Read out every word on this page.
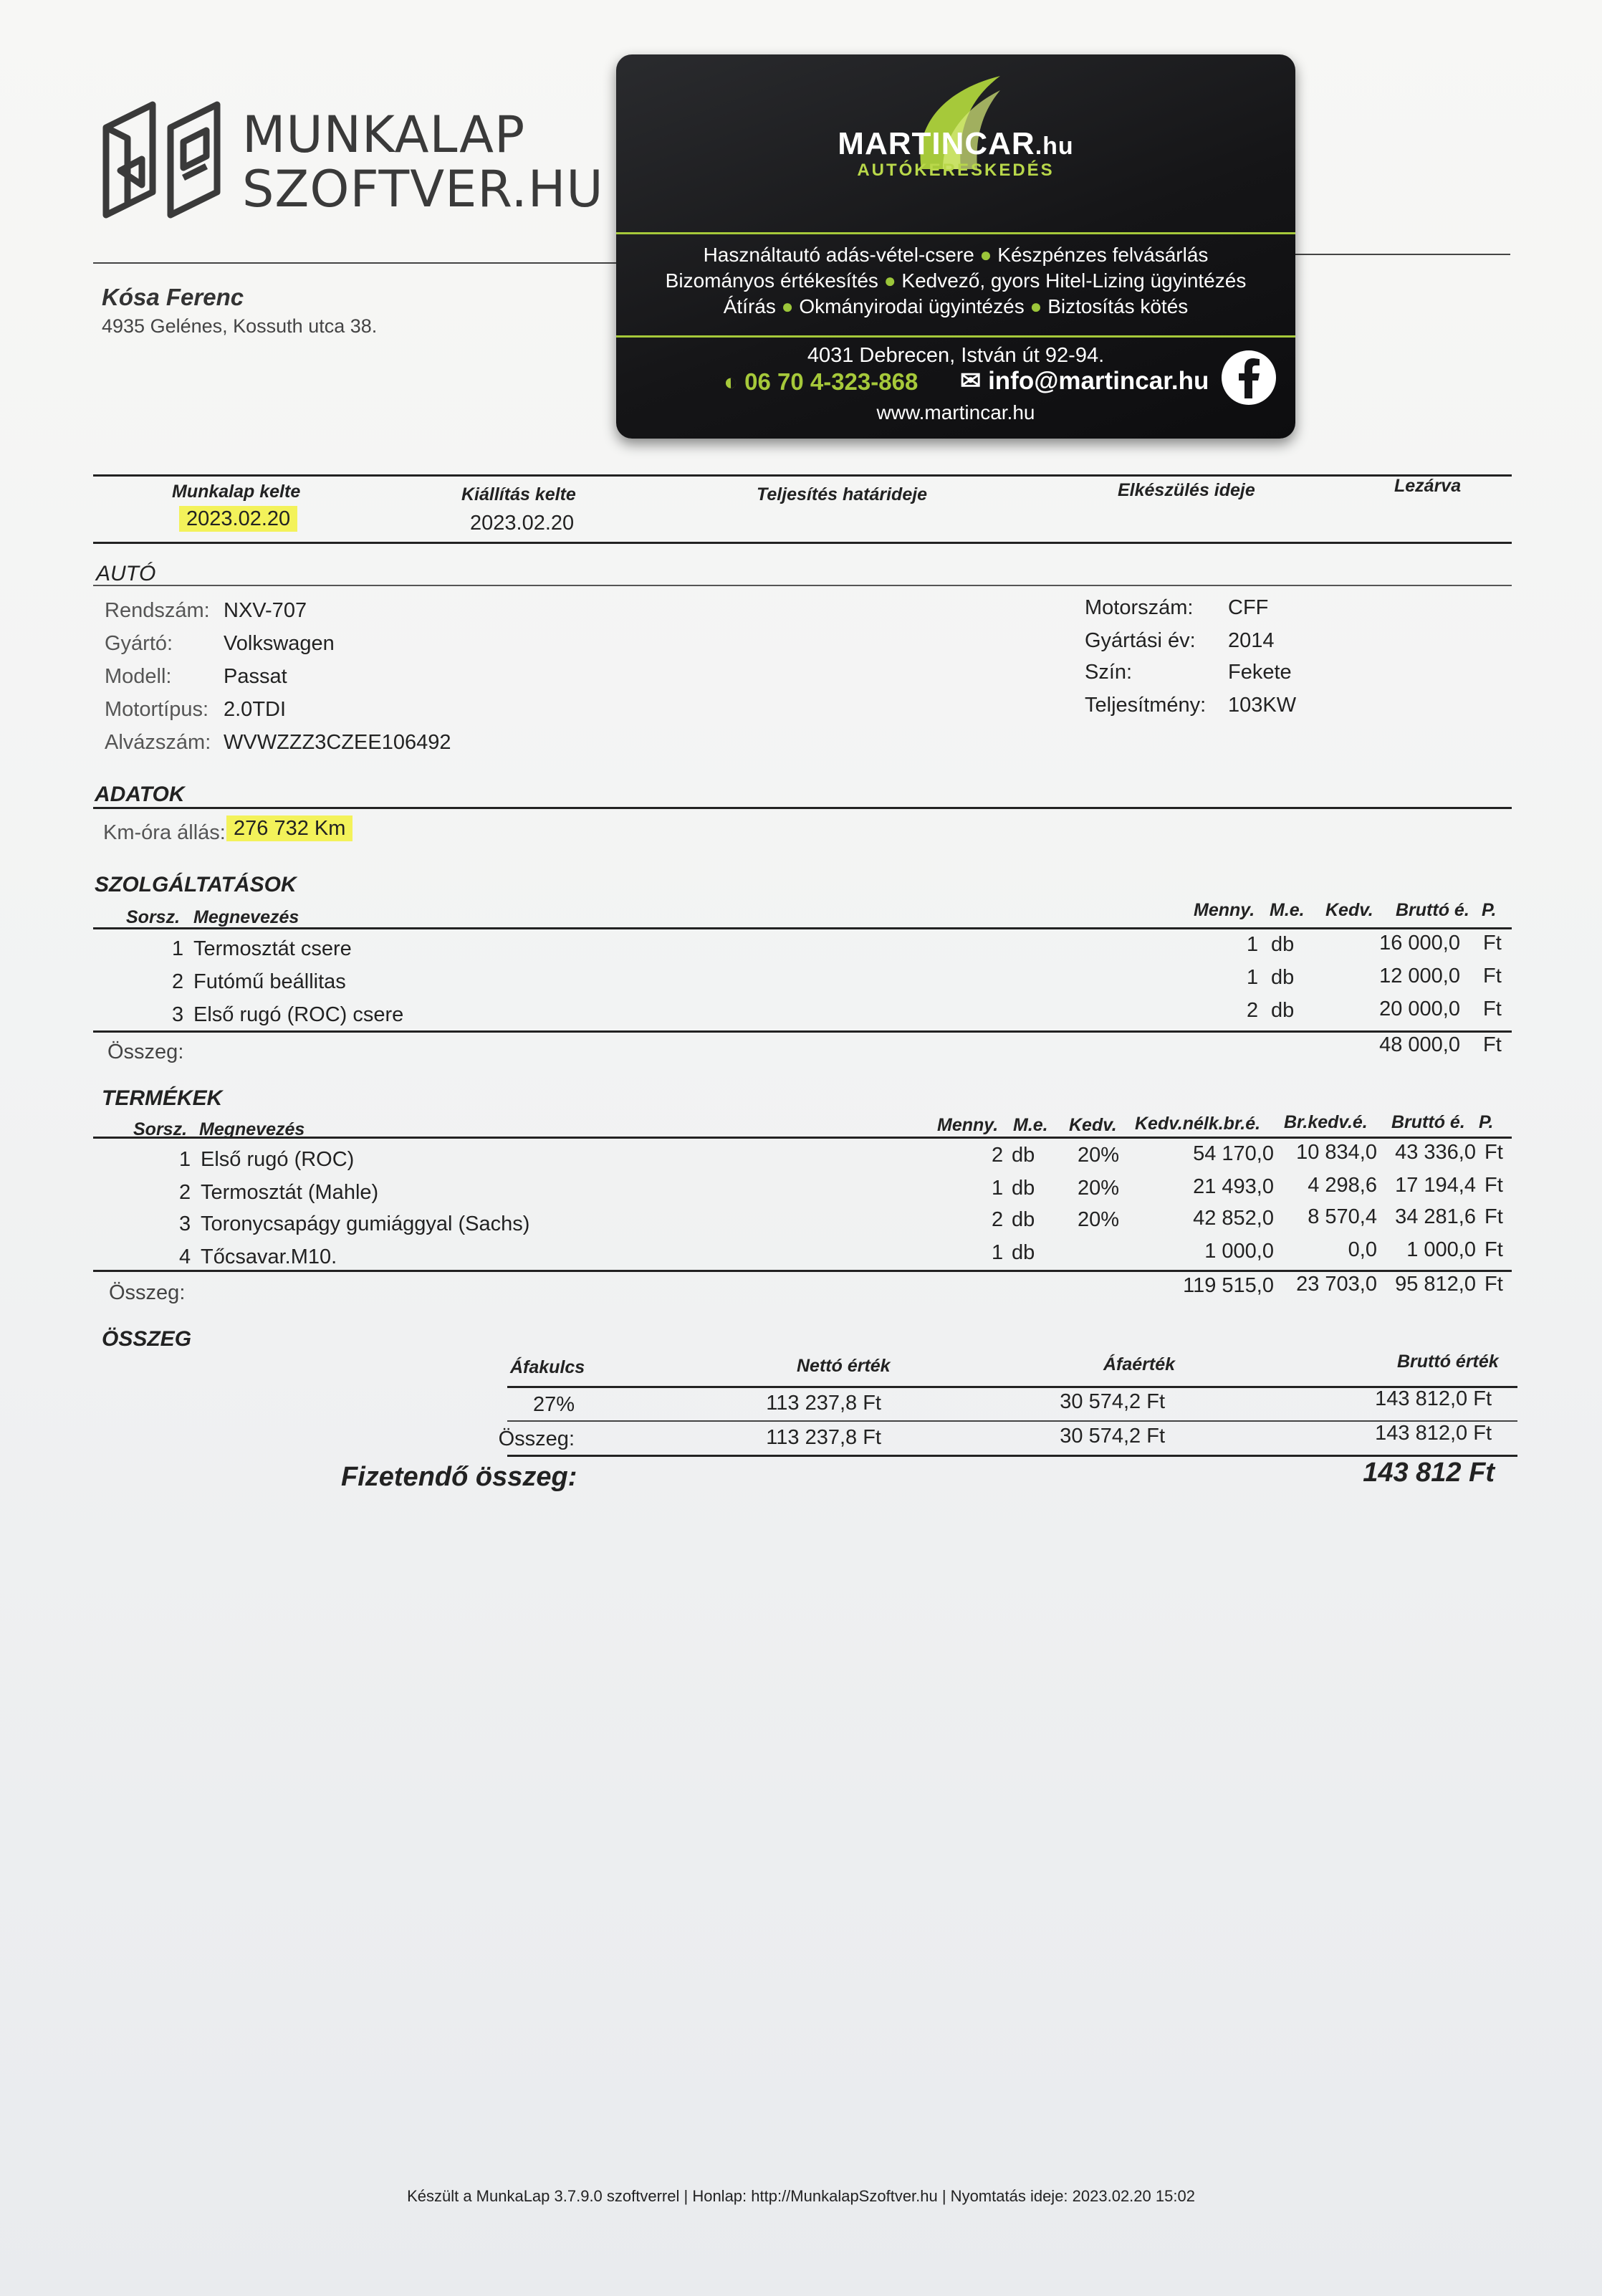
MUNKALAP
SZOFTVER.HU
Kósa Ferenc
4935 Gelénes, Kossuth utca 38.
MARTINCAR.hu
AUTÓKERESKEDÉS
Használtautó adás-vétel-csere ● Készpénzes felvásárlás
Bizományos értékesítés ● Kedvező, gyors Hitel-Lizing ügyintézés
Átírás ● Okmányirodai ügyintézés ● Biztosítás kötés
4031 Debrecen, István út 92-94.
◐ 06 70 4-323-868 ✉ info@martincar.hu
www.martincar.hu
Munkalap kelte	Kiállítás kelte	Teljesítés határideje	Elkészülés ideje	Lezárva
2023.02.20	2023.02.20
AUTÓ
Rendszám: NXV-707
Gyártó: Volkswagen
Modell:	Passat
Motortípus: 2.0TDI
Alvázszám: WVWZZZ3CZEE106492
Motorszám: CFF
Gyártási év: 2014
Szín:	Fekete
Teljesítmény: 103KW
ADATOK
Km-óra állás: 276 732 Km
SZOLGÁLTATÁSOK
Sorsz. Megnevezés	Menny. M.e. Kedv. Bruttó é. P.
1 Termosztát csere	1 db	16 000,0 Ft
2 Futómű beállitas	1 db	12 000,0 Ft
3 Első rugó (ROC) csere	2 db	20 000,0 Ft
Összeg:	48 000,0 Ft
TERMÉKEK
Sorsz. Megnevezés	Menny. M.e. Kedv. Kedv.nélk.br.é. Br.kedv.é. Bruttó é. P.
1 Első rugó (ROC)	2 db 20%	54 170,0	10 834,0 43 336,0 Ft
2 Termosztát (Mahle)	1 db 20%	21 493,0	4 298,6 17 194,4 Ft
3 Toronycsapágy gumiággyal (Sachs)	2 db 20%	42 852,0	8 570,4 34 281,6 Ft
4 Tőcsavar.M10.	1 db	1 000,0	0,0	1 000,0 Ft
Összeg:	119 515,0	23 703,0 95 812,0 Ft
ÖSSZEG
Áfakulcs	Nettó érték	Áfaérték	Bruttó érték
27%	113 237,8 Ft	30 574,2 Ft	143 812,0 Ft
Összeg:	113 237,8 Ft	30 574,2 Ft	143 812,0 Ft
Fizetendő összeg:	143 812 Ft
Készült a MunkaLap 3.7.9.0 szoftverrel | Honlap: http://MunkalapSzoftver.hu | Nyomtatás ideje: 2023.02.20 15:02
